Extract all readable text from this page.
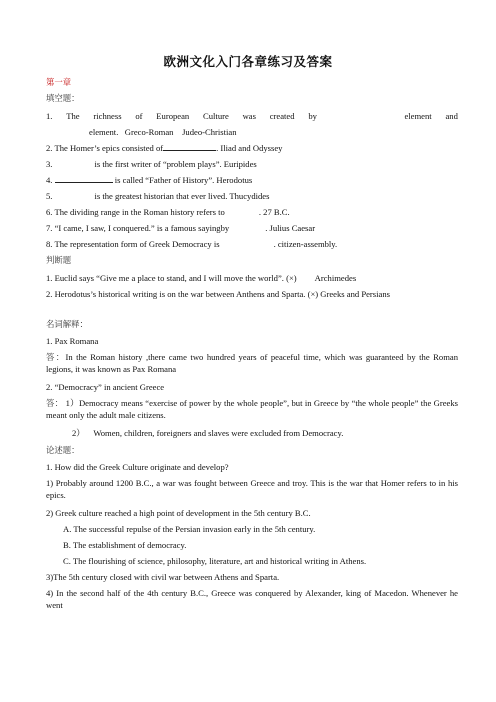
欧洲文化入门各章练习及答案
第一章
填空题：
1. The richness of European Culture was created by	element and
element.   Greco-Roman    Judeo-Christian
2. The Homer’s epics consisted of	. Iliad and Odyssey
3.	is the first writer of “problem plays”. Euripides
4.	is called “Father of History”. Herodotus
5.	is the greatest historian that ever lived. Thucydides
6. The dividing range in the Roman history refers to	. 27 B.C.
7. “I came, I saw, I conquered.” is a famous sayingby	. Julius Caesar
8. The representation form of Greek Democracy is	. citizen-assembly.
判断题
1. Euclid says “Give me a place to stand, and I will move the world”. (×) Archimedes
2. Herodotus’s historical writing is on the war between Anthens and Sparta. (×) Greeks and Persians
名词解释：
1. Pax Romana
答：In the Roman history ,there came two hundred years of peaceful time, which was guaranteed by the Roman legions, it was known as Pax Romana
2. “Democracy” in ancient Greece
答： 1）Democracy means “exercise of power by the whole people”, but in Greece by “the whole people” the Greeks meant only the adult male citizens.
2）    Women, children, foreigners and slaves were excluded from Democracy.
论述题：
1. How did the Greek Culture originate and develop?
1) Probably around 1200 B.C., a war was fought between Greece and troy. This is the war that Homer refers to in his epics.
2) Greek culture reached a high point of development in the 5th century B.C.
A. The successful repulse of the Persian invasion early in the 5th century.
B. The establishment of democracy.
C. The flourishing of science, philosophy, literature, art and historical writing in Athens.
3)The 5th century closed with civil war between Athens and Sparta.
4) In the second half of the 4th century B.C., Greece was conquered by Alexander, king of Macedon. Whenever he went
